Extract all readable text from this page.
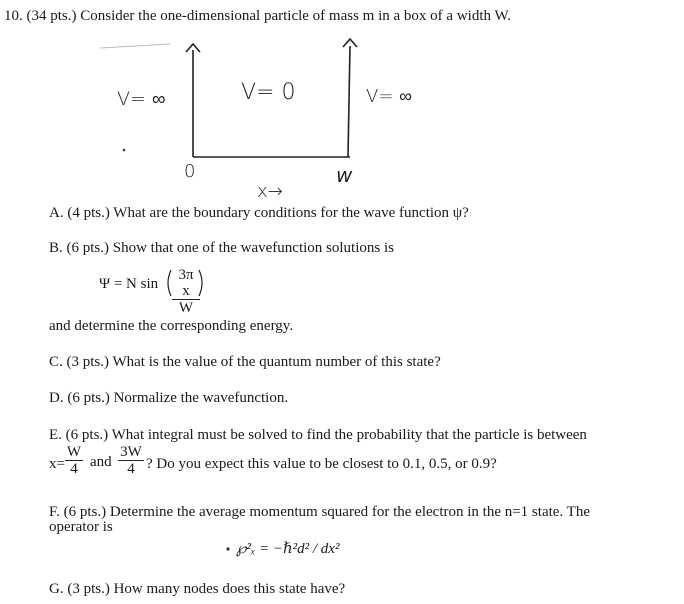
10. (34 pts.) Consider the one-dimensional particle of mass m in a box of a width W.
V= ∞	V= 0	V= ∞
0	w
x→
A. (4 pts.) What are the boundary conditions for the wave function ψ?
B. (6 pts.) Show that one of the wavefunction solutions is
Ψ = N $\sin \frac{\text{3π x}}{W}$
and determine the corresponding energy.
C. (3 pts.) What is the value of the quantum number of this state?
D. (6 pts.) Normalize the wavefunction.
E. (6 pts.) What integral must be solved to find the probability that the particle is between
$x= \frac{W}{4}$ and $\frac{3W}{4}$ ? Do you expect this value to be closest to 0.1, 0.5, or 0.9?
F. (6 pts.) Determine the average momentum squared for the electron in the n=1 state. The
operator is
℘²ₓ = −ℏ²d² / dx²
G. (3 pts.) How many nodes does this state have?
